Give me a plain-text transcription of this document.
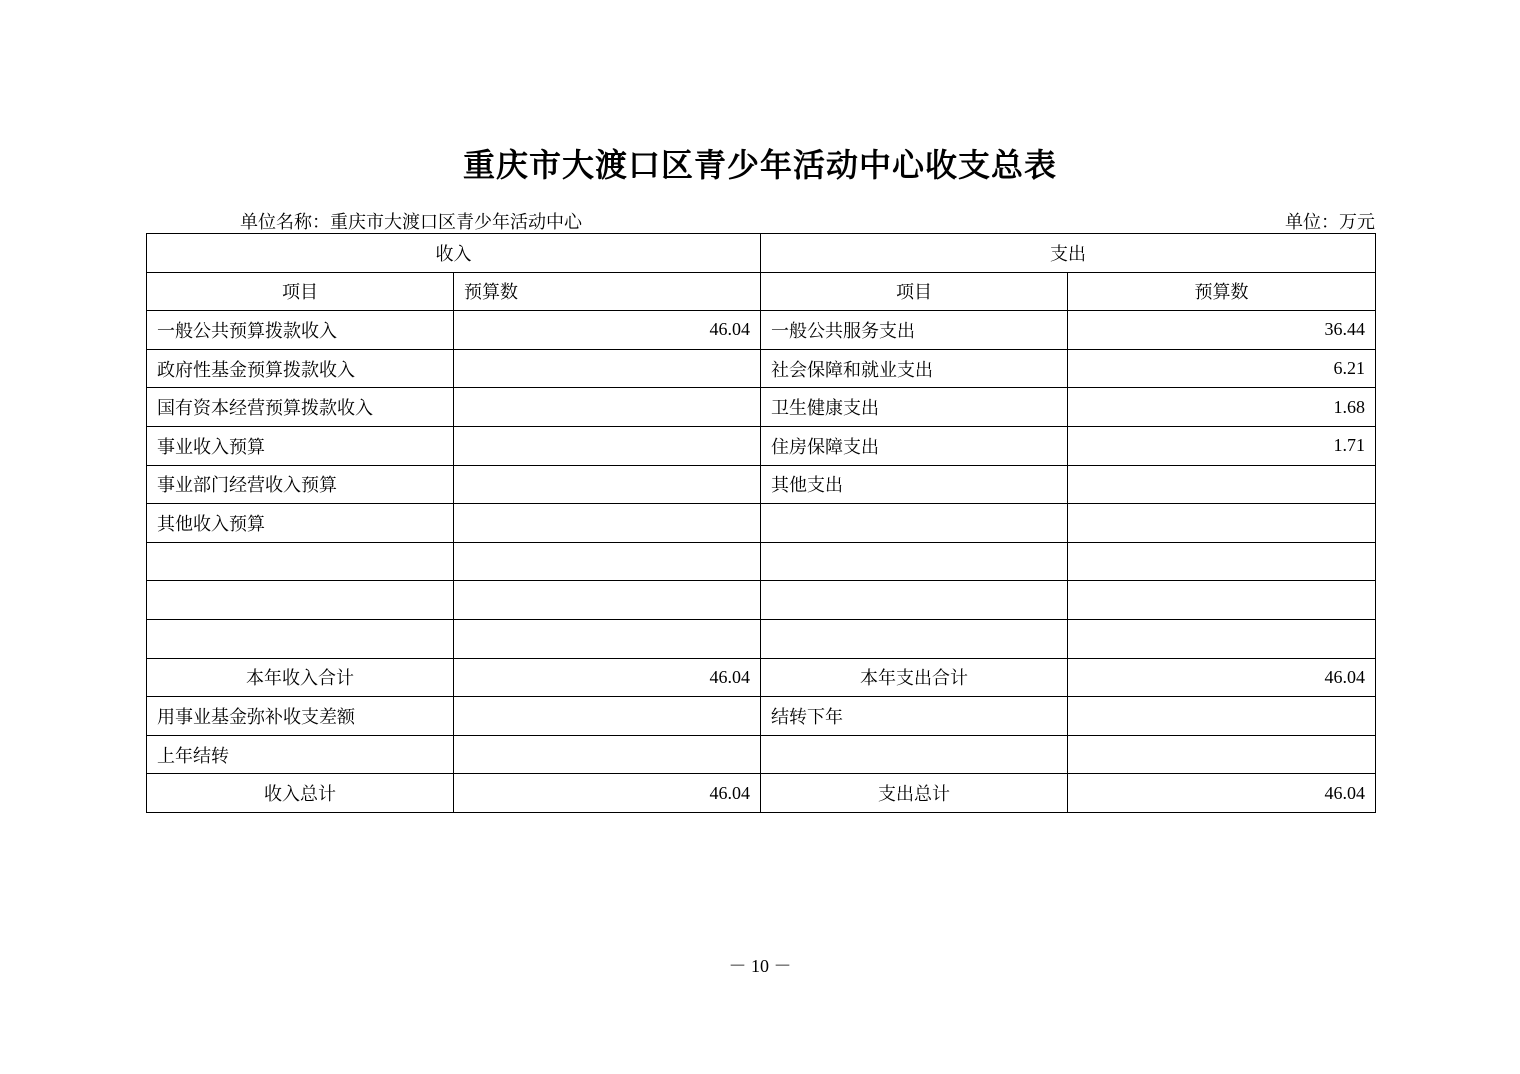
重庆市大渡口区青少年活动中心收支总表
单位名称：重庆市大渡口区青少年活动中心	单位：万元
收入		支出	
项目	预算数	项目	预算数
一般公共预算拨款收入	46.04	一般公共服务支出	36.44
政府性基金预算拨款收入		社会保障和就业支出	6.21
国有资本经营预算拨款收入		卫生健康支出	1.68
事业收入预算		住房保障支出	1.71
事业部门经营收入预算		其他支出	
其他收入预算			

本年收入合计	46.04	本年支出合计	46.04
用事业基金弥补收支差额		结转下年	
上年结转			
收入总计	46.04	支出总计	46.04
－ 10 －
